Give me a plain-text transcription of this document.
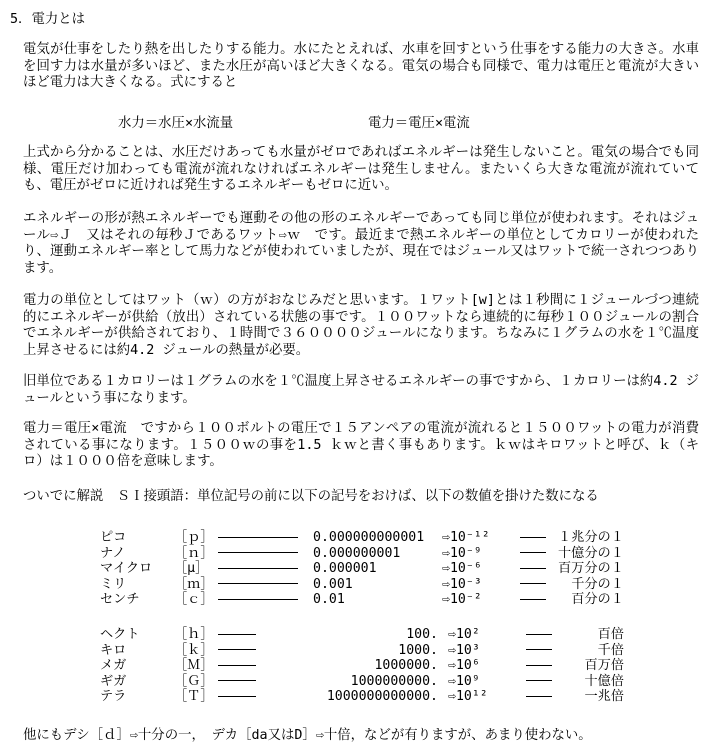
5．電力とは
電気が仕事をしたり熱を出したりする能力。水にたとえれば、水車を回すという仕事をする能力の大きさ。水車を回す力は水量が多いほど、また水圧が高いほど大きくなる。電気の場合も同様で、電力は電圧と電流が大きいほど電力は大きくなる。式にすると
水力＝水圧×水流量	電力＝電圧×電流
上式から分かることは、水圧だけあっても水量がゼロであればエネルギーは発生しないこと。電気の場合でも同様、電圧だけ加わっても電流が流れなければエネルギーは発生しません。またいくら大きな電流が流れていても、電圧がゼロに近ければ発生するエネルギーもゼロに近い。
エネルギーの形が熱エネルギーでも運動その他の形のエネルギーであっても同じ単位が使われます。それはジュール⇨Ｊ　又はそれの毎秒Ｊであるワット⇨ｗ　です。最近まで熱エネルギーの単位としてカロリーが使われたり、運動エネルギー率として馬力などが使われていましたが、現在ではジュール又はワットで統一されつつあります。
電力の単位としてはワット（ｗ）の方がおなじみだと思います。１ワット[w]とは１秒間に１ジュールづつ連続的にエネルギーが供給（放出）されている状態の事です。１００ワットなら連続的に毎秒１００ジュールの割合でエネルギーが供給されており、１時間で３６００００ジュールになります。ちなみに１グラムの水を１℃温度上昇させるには約4.2 ジュールの熱量が必要。
旧単位である１カロリーは１グラムの水を１℃温度上昇させるエネルギーの事ですから、１カロリーは約4.2 ジュールという事になります。
電力＝電圧×電流　ですから１００ボルトの電圧で１５アンペアの電流が流れると１５００ワットの電力が消費されている事になります。１５００ｗの事を1.5 ｋｗと書く事もあります。ｋｗはキロワットと呼び、ｋ（キロ）は１０００倍を意味します。
ついでに解説　ＳＩ接頭語：単位記号の前に以下の記号をおけば、以下の数値を掛けた数になる
ピコ	［ｐ］		0.000000000001		⇨10⁻¹²		１兆分の１
ナノ	［ｎ］		0.000000001		⇨10⁻⁹		十億分の１
マイクロ	［μ］		0.000001		⇨10⁻⁶		百万分の１
ミリ	［ｍ］		0.001		⇨10⁻³		千分の１
センチ	［ｃ］		0.01		⇨10⁻²		百分の１
ヘクト	［ｈ］		100.		⇨10²		百倍
キロ	［ｋ］		1000.		⇨10³		千倍
メガ	［Ｍ］		1000000.		⇨10⁶		百万倍
ギガ	［Ｇ］		1000000000.		⇨10⁹		十億倍
テラ	［Ｔ］		1000000000000.		⇨10¹²		一兆倍
他にもデシ［ｄ］⇨十分の一，　デカ［da又はD］⇨十倍，などが有りますが、あまり使わない。
